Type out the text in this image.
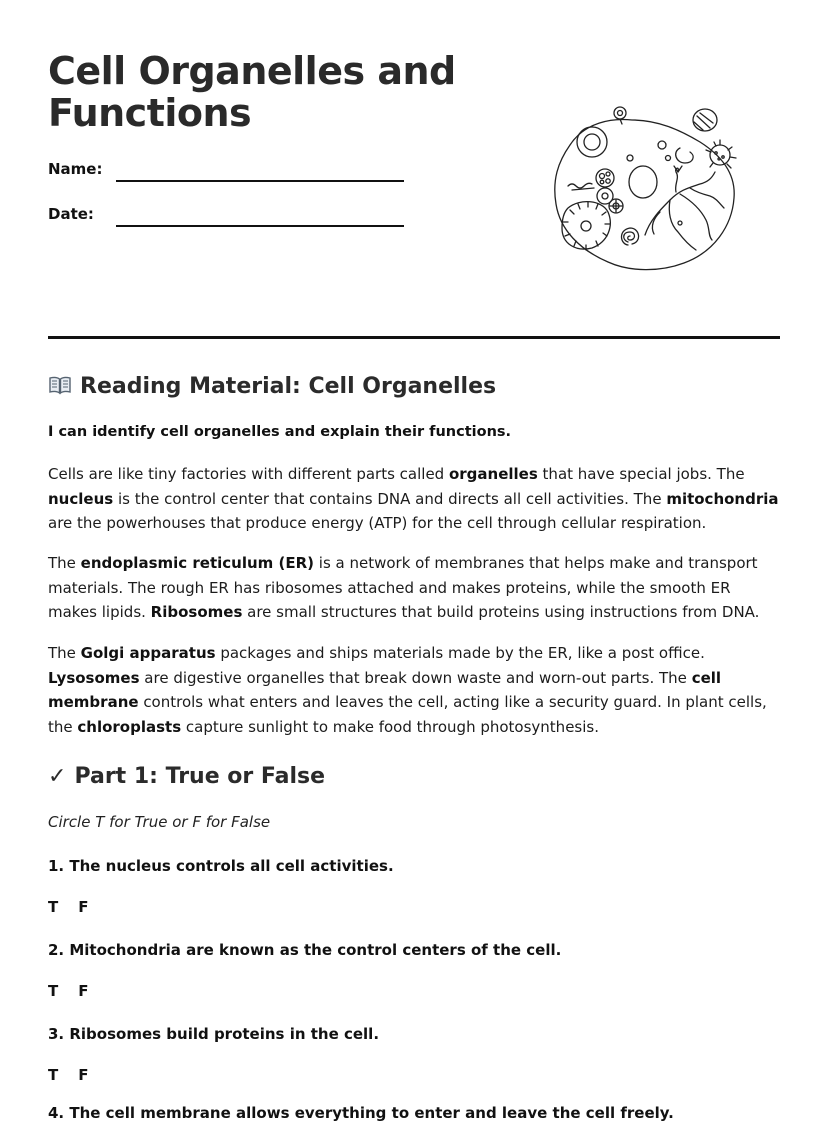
Cell Organelles and Functions
Name:
Date:
Reading Material: Cell Organelles
I can identify cell organelles and explain their functions.

Cells are like tiny factories with different parts called organelles that have special jobs. The nucleus is the control center that contains DNA and directs all cell activities. The mitochondria are the powerhouses that produce energy (ATP) for the cell through cellular respiration.

The endoplasmic reticulum (ER) is a network of membranes that helps make and transport materials. The rough ER has ribosomes attached and makes proteins, while the smooth ER makes lipids. Ribosomes are small structures that build proteins using instructions from DNA.

The Golgi apparatus packages and ships materials made by the ER, like a post office. Lysosomes are digestive organelles that break down waste and worn-out parts. The cell membrane controls what enters and leaves the cell, acting like a security guard. In plant cells, the chloroplasts capture sunlight to make food through photosynthesis.

✓ Part 1: True or False
Circle T for True or F for False
1. The nucleus controls all cell activities.
T F
2. Mitochondria are known as the control centers of the cell.
T F
3. Ribosomes build proteins in the cell.
T F
4. The cell membrane allows everything to enter and leave the cell freely.
